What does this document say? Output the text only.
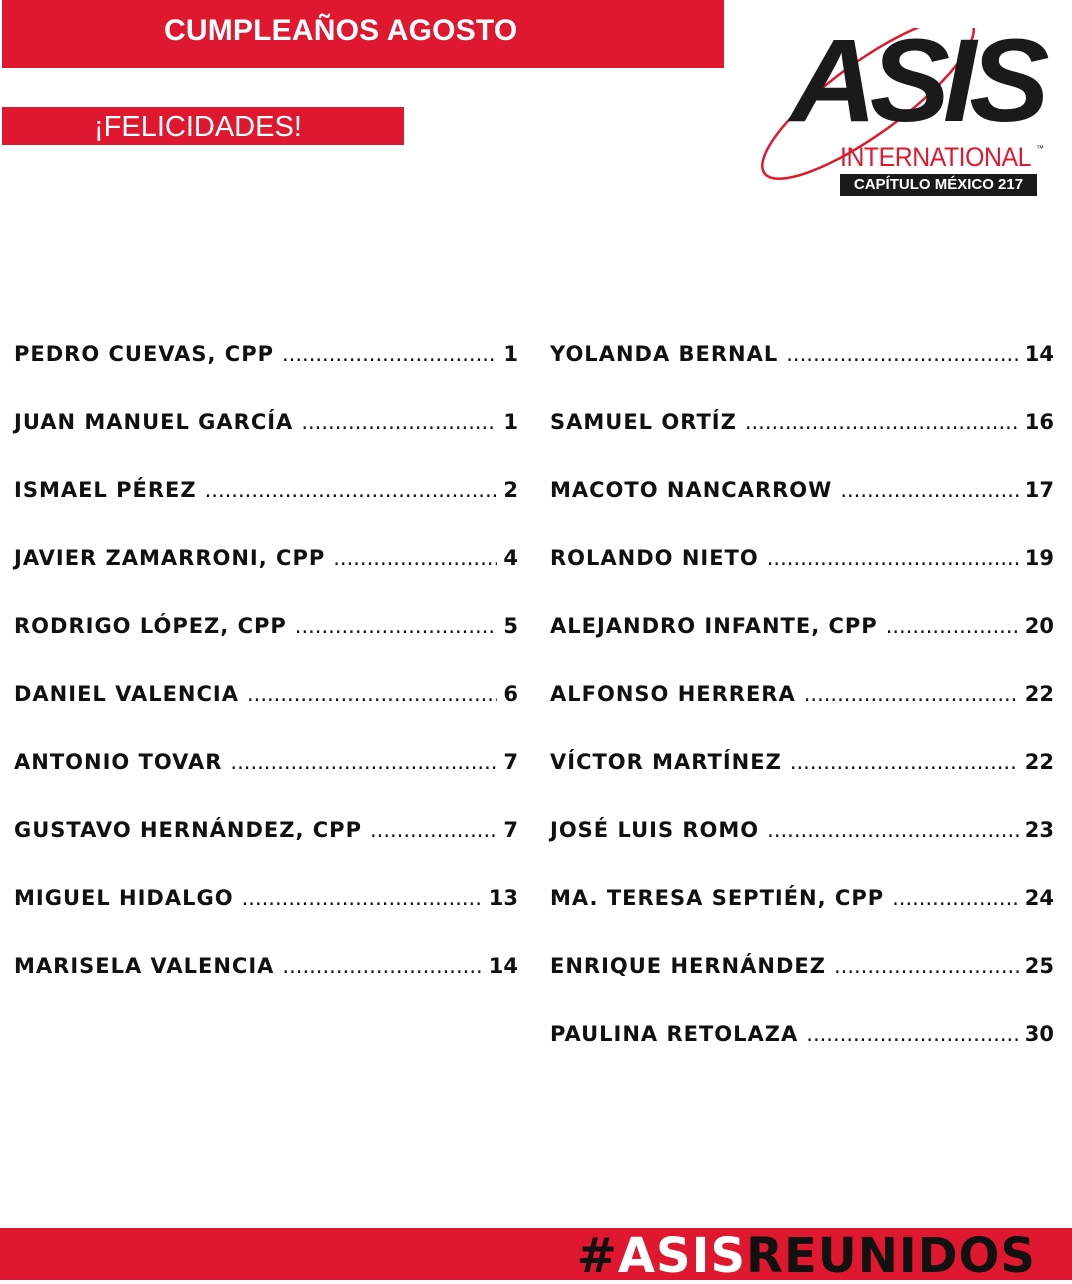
CUMPLEAÑOS AGOSTO
¡FELICIDADES!	ASIS
INTERNATIONAL ™
CAPÍTULO MÉXICO 217
PEDRO CUEVAS, CPP .....	1
JUAN MANUEL GARCÍA .....	1
ISMAEL PÉREZ .....	2
JAVIER ZAMARRONI, CPP .....	4
RODRIGO LÓPEZ, CPP .....	5
DANIEL VALENCIA .....	6
ANTONIO TOVAR .....	7
GUSTAVO HERNÁNDEZ, CPP .....	7
MIGUEL HIDALGO .....	13
MARISELA VALENCIA .....	14
YOLANDA BERNAL .....	14
SAMUEL ORTÍZ .....	16
MACOTO NANCARROW .....	17
ROLANDO NIETO .....	19
ALEJANDRO INFANTE, CPP .....	20
ALFONSO HERRERA .....	22
VÍCTOR MARTÍNEZ .....	22
JOSÉ LUIS ROMO .....	23
MA. TERESA SEPTIÉN, CPP .....	24
ENRIQUE HERNÁNDEZ .....	25
PAULINA RETOLAZA .....	30
#ASISREUNIDOS
